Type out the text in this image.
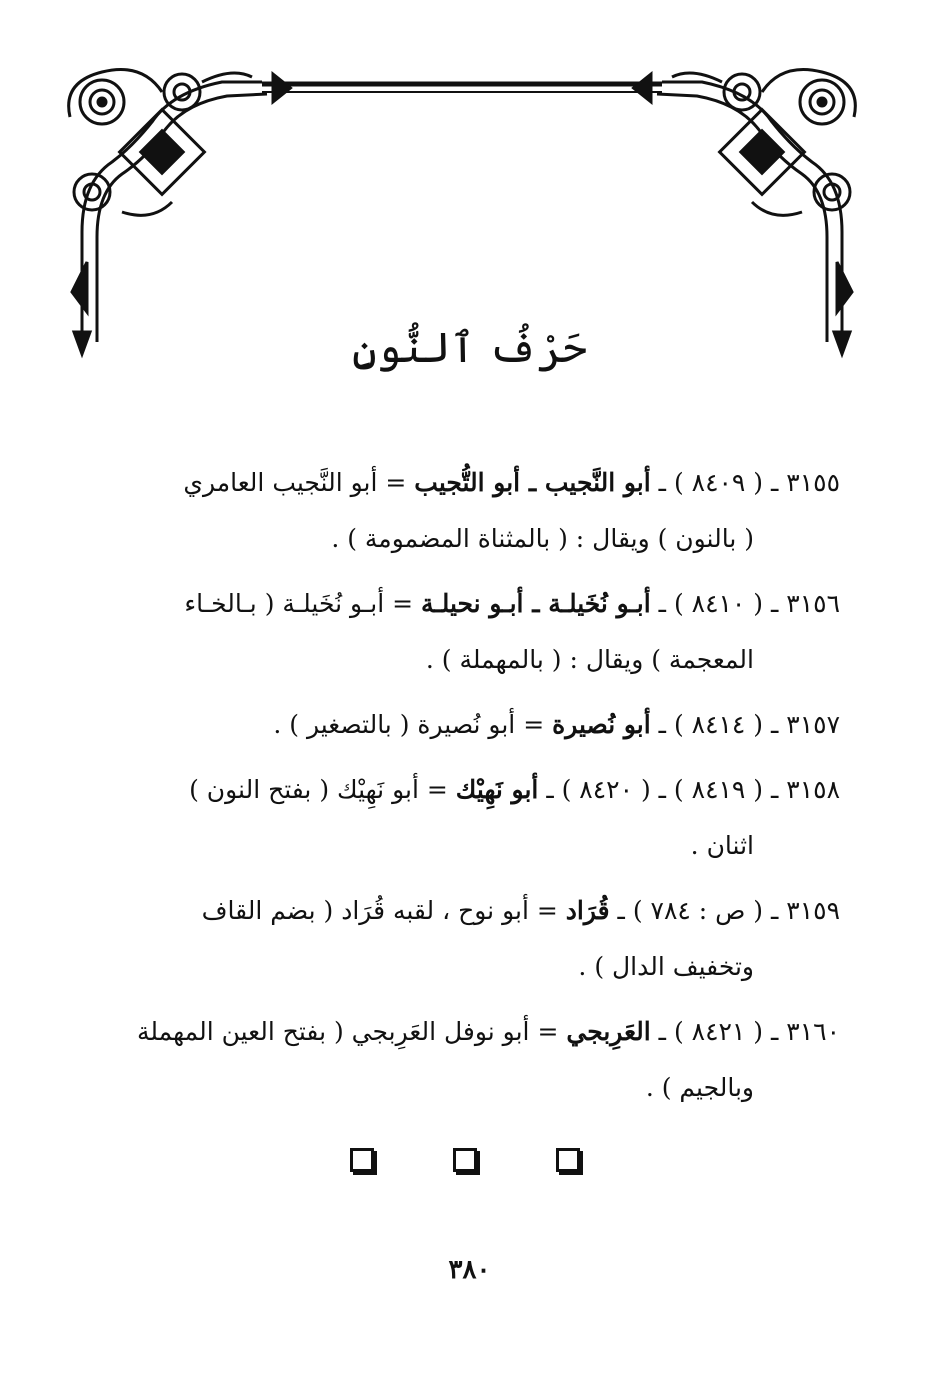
حَرْفُ ٱلنُّونِ
٣١٥٥ ـ ( ٨٤٠٩ ) ـ أبو النَّجيب ـ أبو التُّجيب = أبو النَّجيب العامري
( بالنون ) ويقال : ( بالمثناة المضمومة ) .
٣١٥٦ ـ ( ٨٤١٠ ) ـ أبـو نُخَيلـة ـ أبـو نحيلـة = أبـو نُخَيلـة ( بـالخـاء
المعجمة ) ويقال : ( بالمهملة ) .
٣١٥٧ ـ ( ٨٤١٤ ) ـ أبو نُصيرة = أبو نُصيرة ( بالتصغير ) .
٣١٥٨ ـ ( ٨٤١٩ ) ـ ( ٨٤٢٠ ) ـ أبو نَهِيْك = أبو نَهِيْك ( بفتح النون )
اثنان .
٣١٥٩ ـ ( ص : ٧٨٤ ) ـ قُرَاد = أبو نوح ، لقبه قُرَاد ( بضم القاف
وتخفيف الدال ) .
٣١٦٠ ـ ( ٨٤٢١ ) ـ العَرِبجي = أبو نوفل العَرِبجي ( بفتح العين المهملة
وبالجيم ) .
٣٨٠
